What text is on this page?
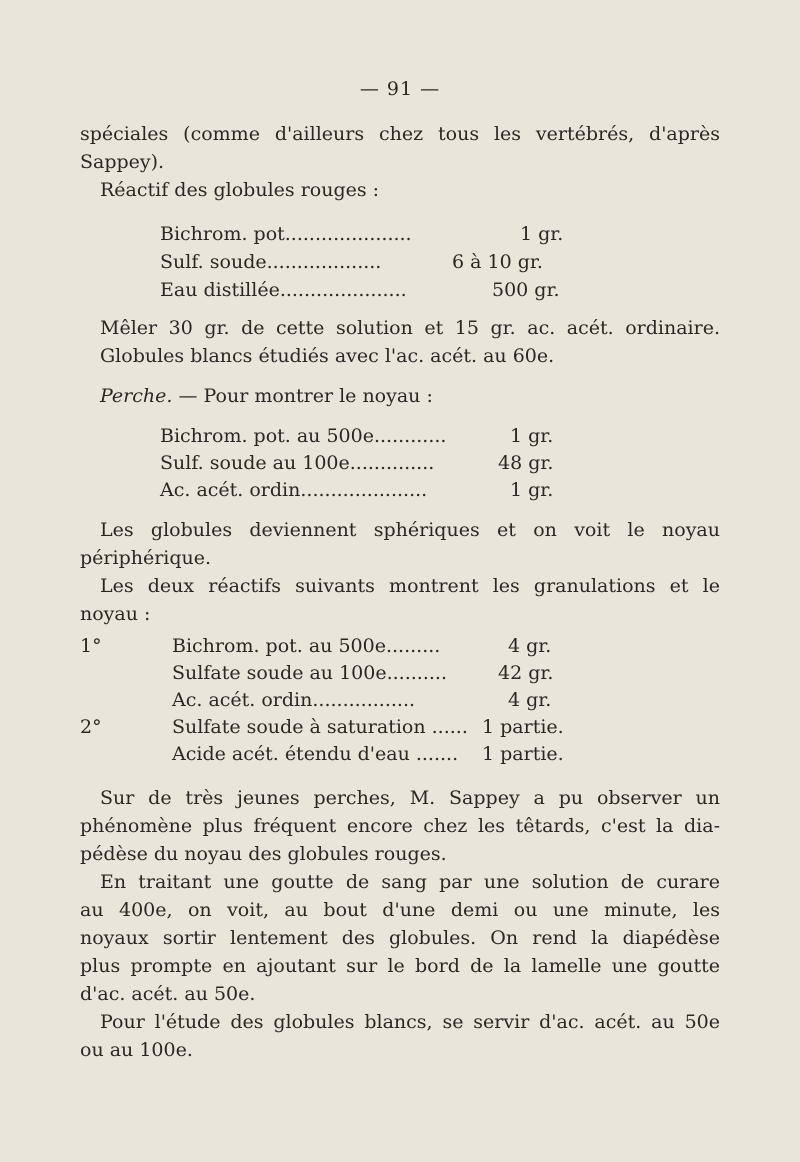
— 91 —
spéciales (comme d'ailleurs chez tous les vertébrés, d'après
Sappey).
Réactif des globules rouges :
Bichrom. pot.....................	1 gr.
Sulf. soude...................	6 à 10 gr.
Eau distillée.....................	500 gr.
Mêler 30 gr. de cette solution et 15 gr. ac. acét. ordinaire.
Globules blancs étudiés avec l'ac. acét. au 60e.
Perche. — Pour montrer le noyau :
Bichrom. pot. au 500e............	1 gr.
Sulf. soude au 100e..............	48 gr.
Ac. acét. ordin.....................	1 gr.
Les globules deviennent sphériques et on voit le noyau
périphérique.
Les deux réactifs suivants montrent les granulations et le
noyau :
1°	Bichrom. pot. au 500e.........	4 gr.
Sulfate soude au 100e..........	42 gr.
Ac. acét. ordin.................	4 gr.
2°	Sulfate soude à saturation ...... 1 partie.
Acide acét. étendu d'eau ....... 1 partie.
Sur de très jeunes perches, M. Sappey a pu observer un
phénomène plus fréquent encore chez les têtards, c'est la dia-
pédèse du noyau des globules rouges.
En traitant une goutte de sang par une solution de curare
au 400e, on voit, au bout d'une demi ou une minute, les
noyaux sortir lentement des globules. On rend la diapédèse
plus prompte en ajoutant sur le bord de la lamelle une goutte
d'ac. acét. au 50e.
Pour l'étude des globules blancs, se servir d'ac. acét. au 50e
ou au 100e.
